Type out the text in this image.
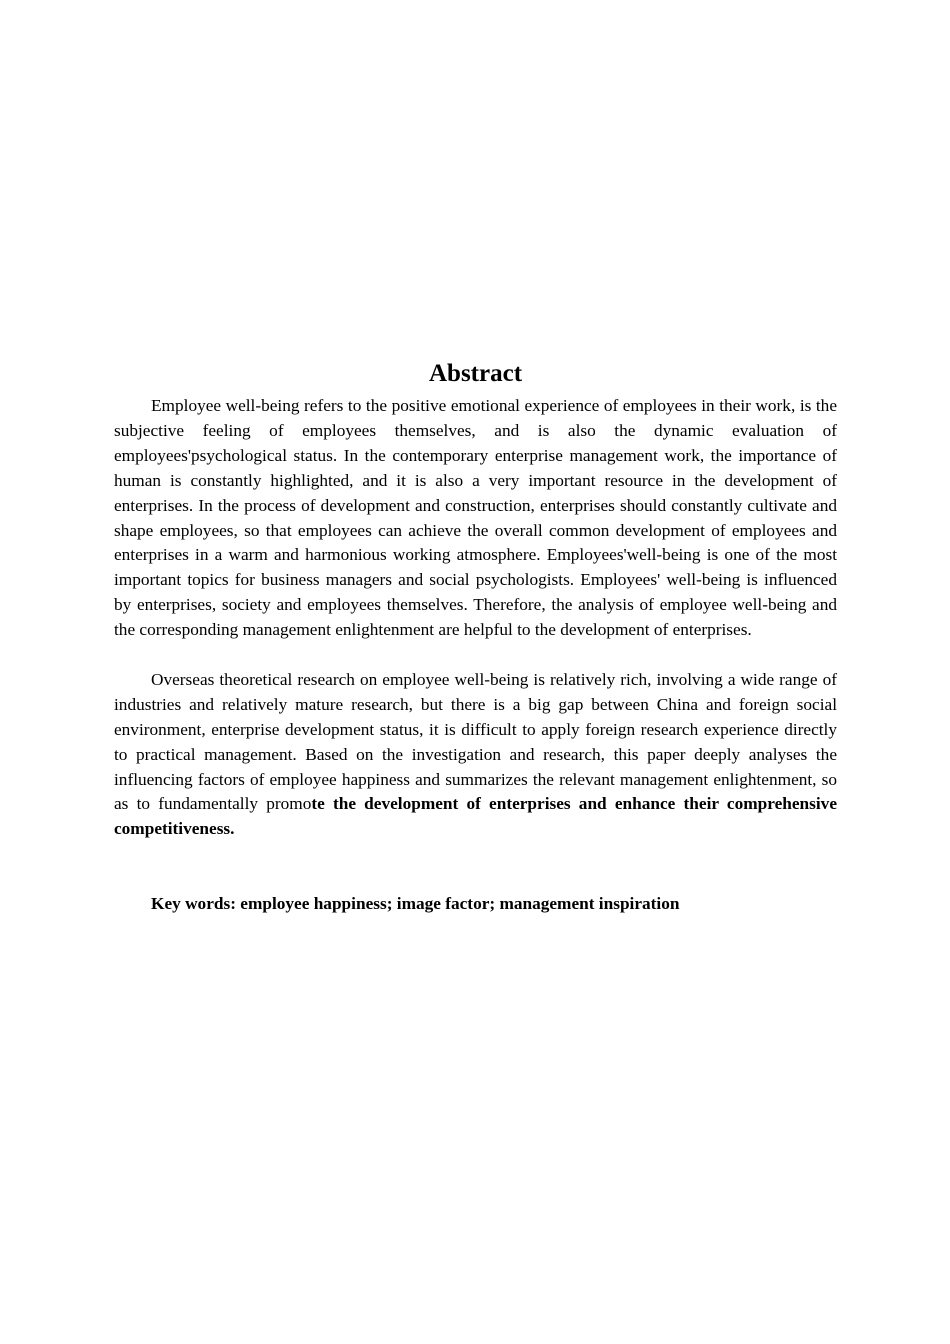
Abstract

Employee well-being refers to the positive emotional experience of employees in their work, is the subjective feeling of employees themselves, and is also the dynamic evaluation of employees'psychological status. In the contemporary enterprise management work, the importance of human is constantly highlighted, and it is also a very important resource in the development of enterprises. In the process of development and construction, enterprises should constantly cultivate and shape employees, so that employees can achieve the overall common development of employees and enterprises in a warm and harmonious working atmosphere. Employees'well-being is one of the most important topics for business managers and social psychologists. Employees' well-being is influenced by enterprises, society and employees themselves. Therefore, the analysis of employee well-being and the corresponding management enlightenment are helpful to the development of enterprises.

Overseas theoretical research on employee well-being is relatively rich, involving a wide range of industries and relatively mature research, but there is a big gap between China and foreign social environment, enterprise development status, it is difficult to apply foreign research experience directly to practical management. Based on the investigation and research, this paper deeply analyses the influencing factors of employee happiness and summarizes the relevant management enlightenment, so as to fundamentally promote the development of enterprises and enhance their comprehensive competitiveness.

Key words: employee happiness; image factor; management inspiration
